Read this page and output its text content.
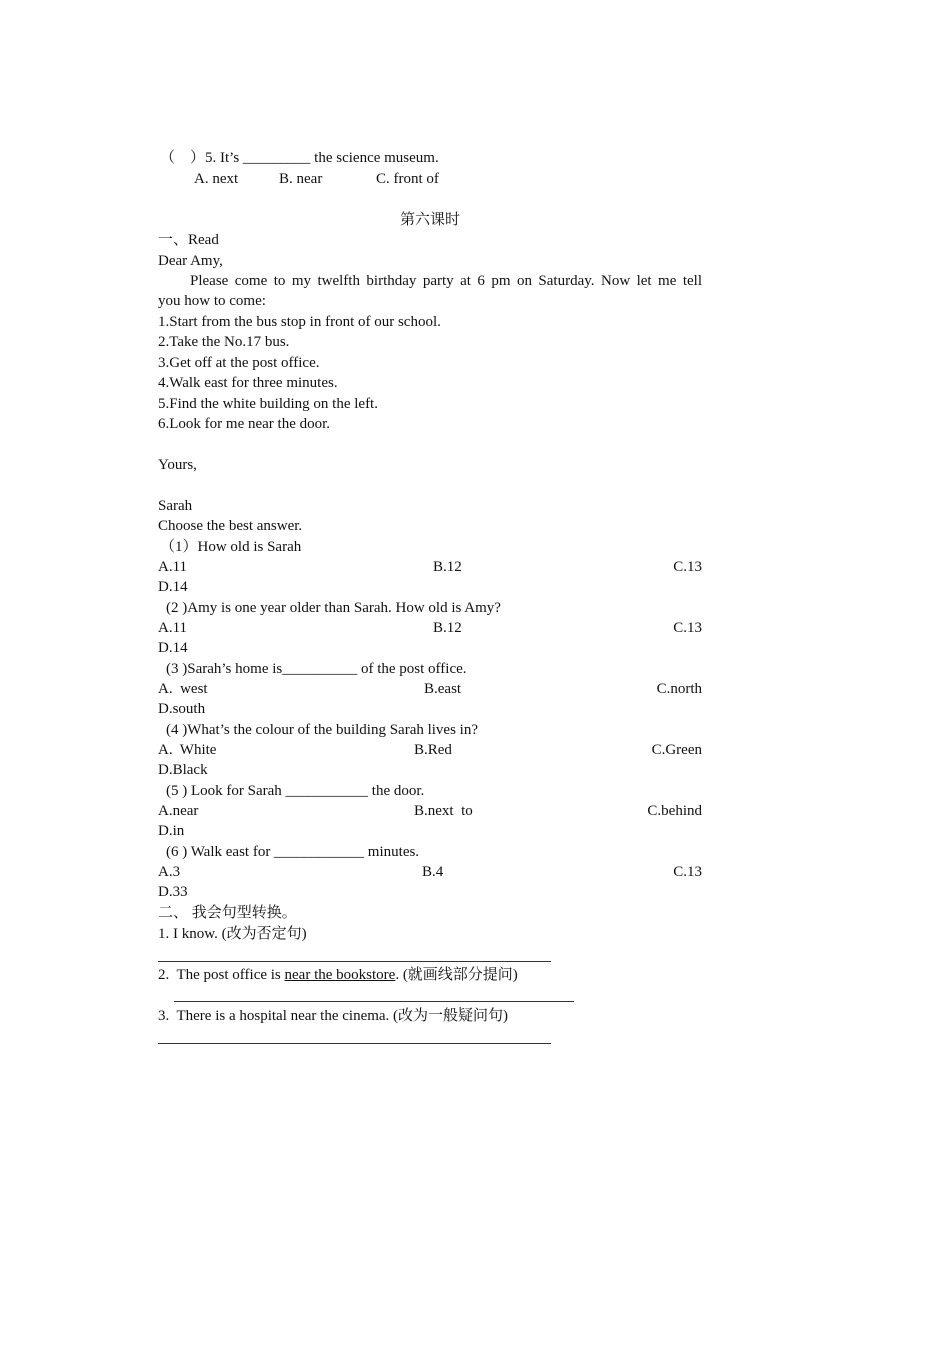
（　）5. It’s _________ the science museum.
A. next	B. near	C. front of
第六课时
一、Read
Dear Amy,
Please come to my twelfth birthday party at 6 pm on Saturday. Now let me tell
you how to come:
1.Start from the bus stop in front of our school.
2.Take the No.17 bus.
3.Get off at the post office.
4.Walk east for three minutes.
5.Find the white building on the left.
6.Look for me near the door.
Yours,
Sarah
Choose the best answer.
（1）How old is Sarah
A.11	B.12	C.13
D.14
(2 )Amy is one year older than Sarah. How old is Amy?
A.11	B.12	C.13
D.14
(3 )Sarah’s home is__________ of the post office.
A.  west	B.east	C.north
D.south
(4 )What’s the colour of the building Sarah lives in?
A.  White	B.Red	C.Green
D.Black
(5 ) Look for Sarah ___________ the door.
A.near	B.next  to	C.behind
D.in
(6 ) Walk east for ____________ minutes.
A.3	B.4	C.13
D.33
二、 我会句型转换。
1. I know. (改为否定句)
2.  The post office is near the bookstore. (就画线部分提问)
3.  There is a hospital near the cinema. (改为一般疑问句)
